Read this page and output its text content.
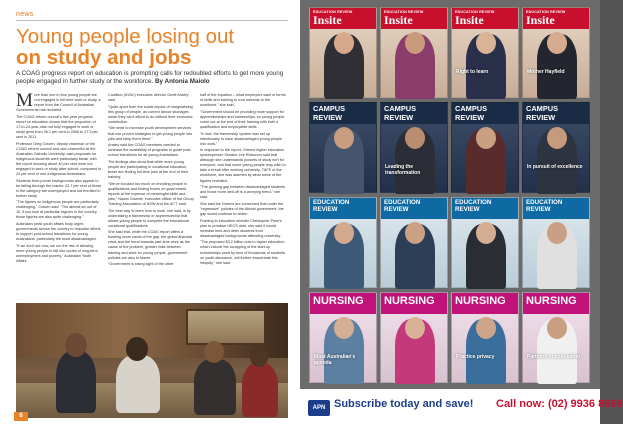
news
Young people losing out
on study and jobs
A COAG progress report on education is prompting calls for redoubled efforts to get more young people engaged in further study or the workforce. By Antonia Maiolo

More than one in four young people are not engaged in full-time work or study, a report from the Council of Australian Governments has revealed.

The COAG reform council's five-year progress report on education shows that the proportion of 17-to-24-year-olds not fully engaged in work or study grew from 26.1 per cent in 2008 to 27.3 per cent in 2011.

Professor Greg Craven, deputy chairman of the COAG reform council and vice-chancellor at the Australian Catholic University, said proposals for Indigenous students were particularly bleak, with the report showing about 40 per cent were not engaged in work or study after school, compared to 24 per cent of non-Indigenous Australians.

Students from poorer backgrounds also appear to be falling through the cracks: 43.7 per cent of those in the category are unemployed and not enrolled in further study.

"The figures on Indigenous people are particularly challenging," Craven said. "The almost six out of 10, if you look at particular regions in the country, those figures are also quite challenging."

Australia's peak youth affairs body urges governments across the country to redouble efforts to support post-school transitions for young Australians, particularly the most disadvantaged.

"If we don't act now, we run the risk of allowing more young people to fall into cycles of long-term unemployment and poverty," Australian Youth Affairs

Coalition (AYAC) executive director Geoff Ansley said.

"Quite apart from the social impact of marginalising this group of people, as current labour shortages mean they can't afford to do without their economic contribution.

"We need to increase youth development services that use proven strategies to get young people into jobs and keep them there."

Ansley said the COAG members needed to increase the availability of programs to guide post-school transitions for all young Australians.

The findings also show that while more young people are participating in vocational education, fewer are finding full-time jobs at the end of their training.

"We've focused too much on enrolling people in qualifications and finding boxes on government reports at the expense of meaningful skills and jobs," Naomi Downie, executive officer of the Group Training Association of NSW and the ACT, said.

The best way to learn how to work, she said, is by undertaking a traineeship or apprenticeship that allows young people to complete the educational vocational qualifications.

She said that, while the COAG report offers a bustling score cards of the gap, the global financial crisis and the trend towards part-time work as the cause of the problem, greater links between training and work for young people, government policies are also to blame.

"Government is losing sight of the other

half of the equation – what employers want in terms of skills and training to now entrants to the workforce," she said.

"Government should be providing more support for apprenticeships and traineeships, so young people come out at the end of their training with both a qualification and employable skills.

"In fact, the traineeship system was set up intentionally to ease disadvantaged young people into work."

In response to the report, Greens higher education spokesperson Senator Lee Rhiannon said that although she understands pockets of study isn't for everyone, and that some young people may wish to take a break after working university, TAFE or the workforce, she was alarmed by what some of the figures revealed.

"The growing gap between disadvantaged students and those more well-off is a worrying trend," she said.

She said the Greens are concerned that under the "regressive" policies of the Abbott government, the gap would continue to widen.

Pointing to education minister Christopher Pyne's plan to privatise HECS debt, she said it would increase fees and deter students from disadvantaged backgrounds attending university.

"The proposed $3.2 billion cuts to higher education, which include the scrapping of the start-up scholarships used by tens of thousands of students on youth allowance, will further exacerbate this inequity," she said.

6
EDUCATION REVIEW
Insite
EDUCATION REVIEW
Insite
EDUCATION REVIEW
Insite
Right to learn
EDUCATION REVIEW
Insite
Mother Hayfield
CAMPUS REVIEW
CAMPUS REVIEW
Leading the transformation
CAMPUS REVIEW
CAMPUS REVIEW
In pursuit of excellence
EDUCATION REVIEW
EDUCATION REVIEW
EDUCATION REVIEW
EDUCATION REVIEW
NURSING
Most Australian's agenda
NURSING	NURSING
Practice privacy
NURSING
Partners in population
APN Subscribe today and save! Call now: (02) 9936 8666
